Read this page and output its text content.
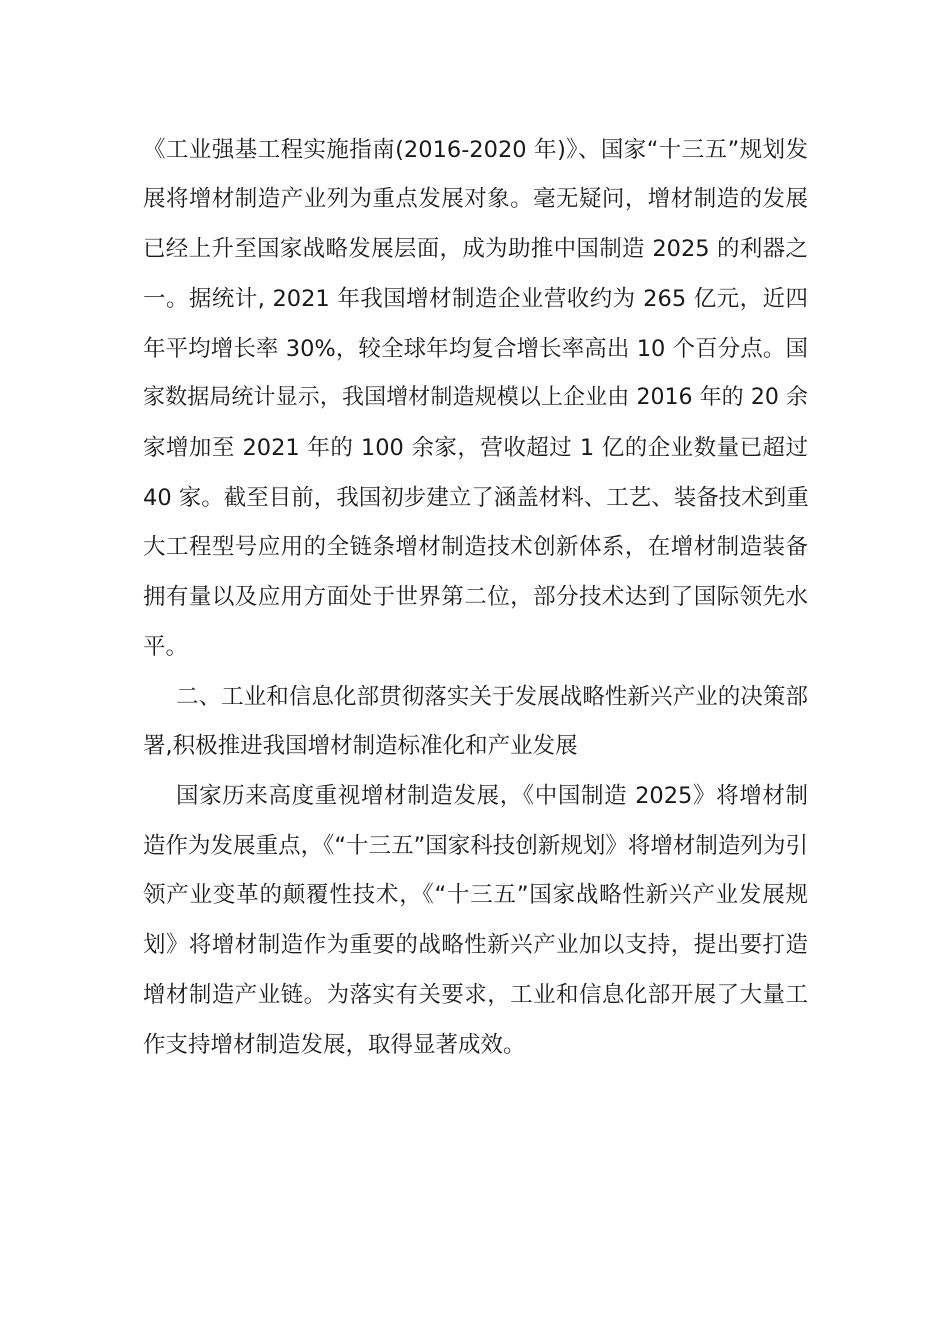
《工业强基工程实施指南(2016-2020 年)》、国家“十三五”规划发
展将增材制造产业列为重点发展对象。毫无疑问，增材制造的发展
已经上升至国家战略发展层面，成为助推中国制造 2025 的利器之
一。据统计, 2021 年我国增材制造企业营收约为 265 亿元，近四
年平均增长率 30%，较全球年均复合增长率高出 10 个百分点。国
家数据局统计显示，我国增材制造规模以上企业由 2016 年的 20 余
家增加至 2021 年的 100 余家，营收超过 1 亿的企业数量已超过
40 家。截至目前，我国初步建立了涵盖材料、工艺、装备技术到重
大工程型号应用的全链条增材制造技术创新体系，在增材制造装备
拥有量以及应用方面处于世界第二位，部分技术达到了国际领先水
平。
二、工业和信息化部贯彻落实关于发展战略性新兴产业的决策部
署,积极推进我国增材制造标准化和产业发展
国家历来高度重视增材制造发展，《中国制造 2025》将增材制
造作为发展重点，《“十三五”国家科技创新规划》将增材制造列为引
领产业变革的颠覆性技术，《“十三五”国家战略性新兴产业发展规
划》将增材制造作为重要的战略性新兴产业加以支持，提出要打造
增材制造产业链。为落实有关要求，工业和信息化部开展了大量工
作支持增材制造发展，取得显著成效。
